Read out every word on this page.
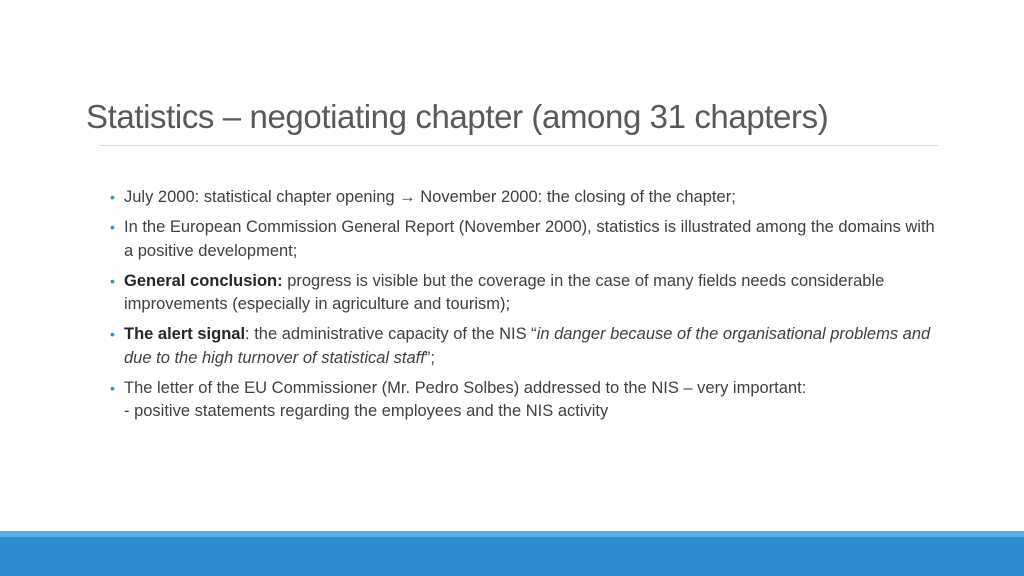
Statistics – negotiating chapter (among 31 chapters)
• July 2000: statistical chapter opening → November 2000: the closing of the chapter;
• In the European Commission General Report (November 2000), statistics is illustrated among the domains with a positive development;
• General conclusion: progress is visible but the coverage in the case of many fields needs considerable improvements (especially in agriculture and tourism);
• The alert signal: the administrative capacity of the NIS “in danger because of the organisational problems and due to the high turnover of statistical staff”;
• The letter of the EU Commissioner (Mr. Pedro Solbes) addressed to the NIS – very important:
- positive statements regarding the employees and the NIS activity
